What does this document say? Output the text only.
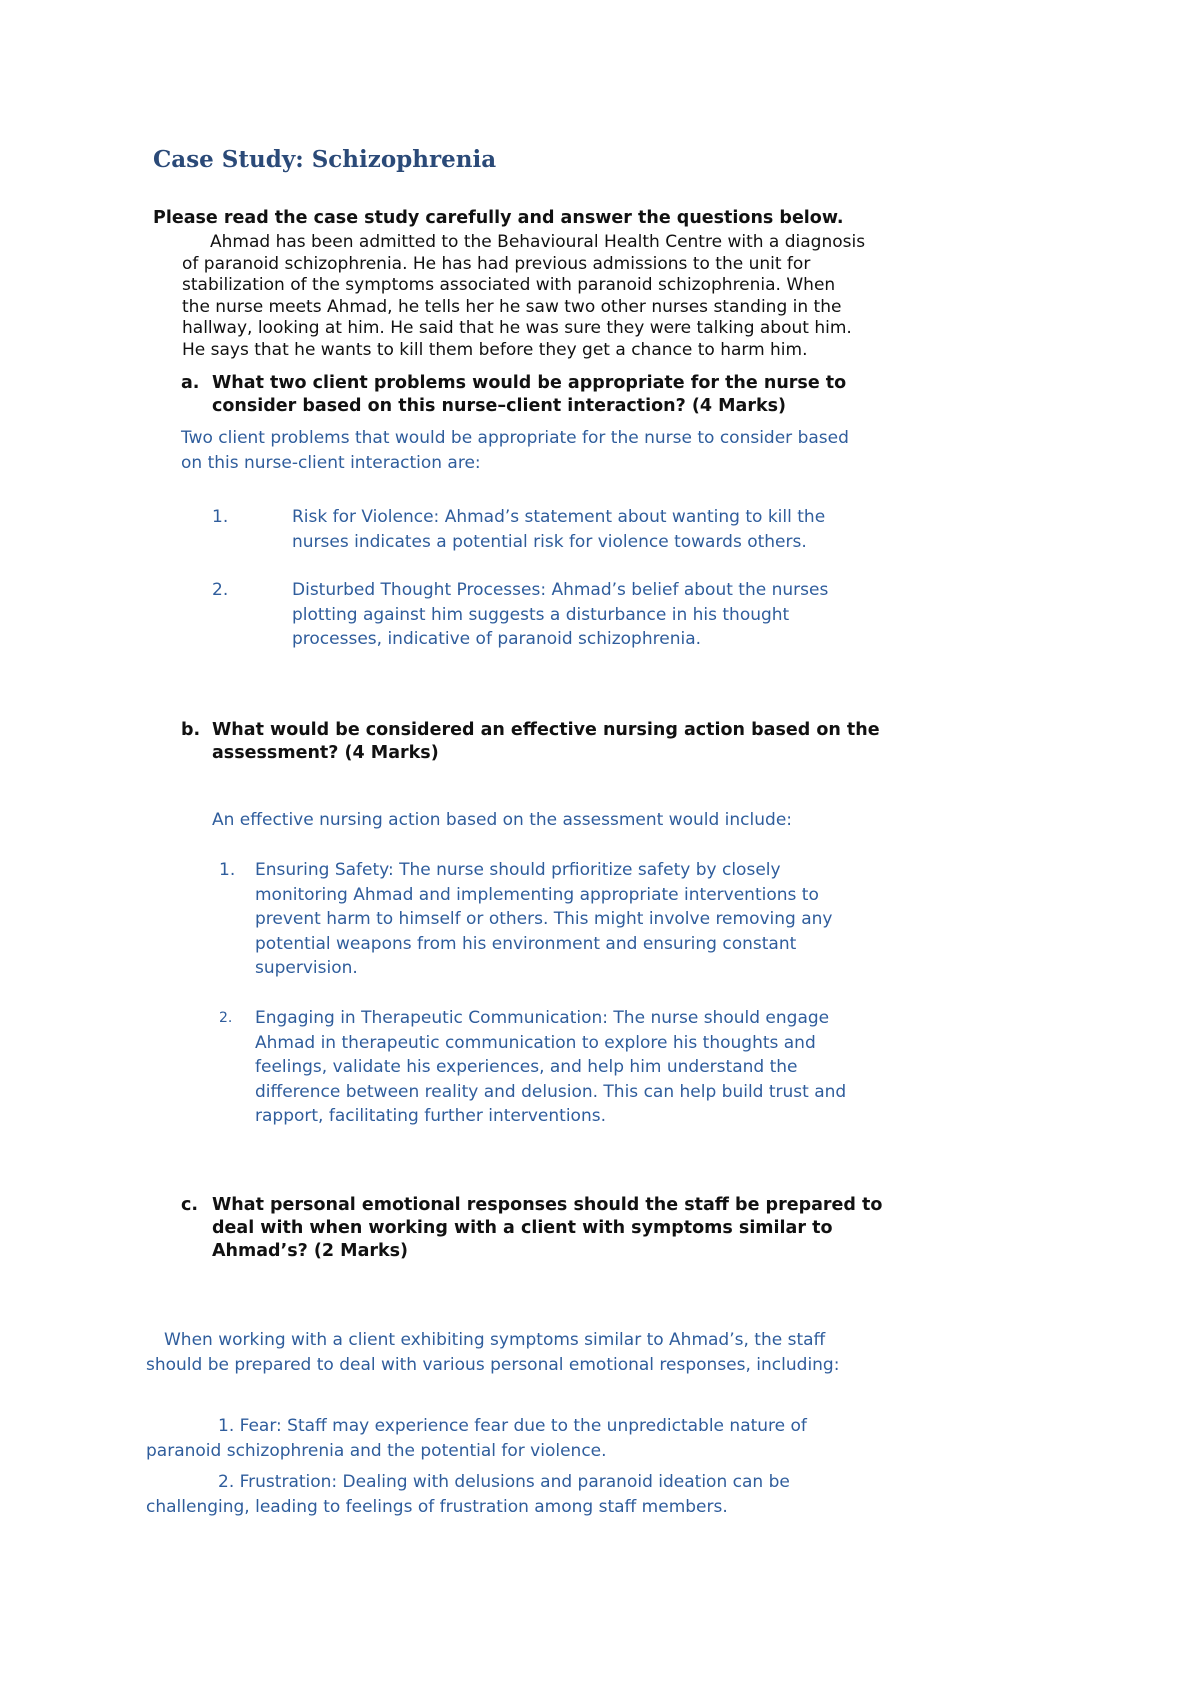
Case Study: Schizophrenia

Please read the case study carefully and answer the questions below.

Ahmad has been admitted to the Behavioural Health Centre with a diagnosis
of paranoid schizophrenia. He has had previous admissions to the unit for
stabilization of the symptoms associated with paranoid schizophrenia. When
the nurse meets Ahmad, he tells her he saw two other nurses standing in the
hallway, looking at him. He said that he was sure they were talking about him.
He says that he wants to kill them before they get a chance to harm him.
a. What two client problems would be appropriate for the nurse to
consider based on this nurse–client interaction? (4 Marks)
Two client problems that would be appropriate for the nurse to consider based
on this nurse-client interaction are:
1.	Risk for Violence: Ahmad’s statement about wanting to kill the
nurses indicates a potential risk for violence towards others.
2.	Disturbed Thought Processes: Ahmad’s belief about the nurses
plotting against him suggests a disturbance in his thought
processes, indicative of paranoid schizophrenia.
b. What would be considered an effective nursing action based on the
assessment? (4 Marks)
An effective nursing action based on the assessment would include:
1. Ensuring Safety: The nurse should prfioritize safety by closely
monitoring Ahmad and implementing appropriate interventions to
prevent harm to himself or others. This might involve removing any
potential weapons from his environment and ensuring constant
supervision.
2. Engaging in Therapeutic Communication: The nurse should engage
Ahmad in therapeutic communication to explore his thoughts and
feelings, validate his experiences, and help him understand the
difference between reality and delusion. This can help build trust and
rapport, facilitating further interventions.
c. What personal emotional responses should the staff be prepared to
deal with when working with a client with symptoms similar to
Ahmad’s? (2 Marks)
When working with a client exhibiting symptoms similar to Ahmad’s, the staff
should be prepared to deal with various personal emotional responses, including:
1. Fear: Staff may experience fear due to the unpredictable nature of
paranoid schizophrenia and the potential for violence.
2. Frustration: Dealing with delusions and paranoid ideation can be
challenging, leading to feelings of frustration among staff members.
